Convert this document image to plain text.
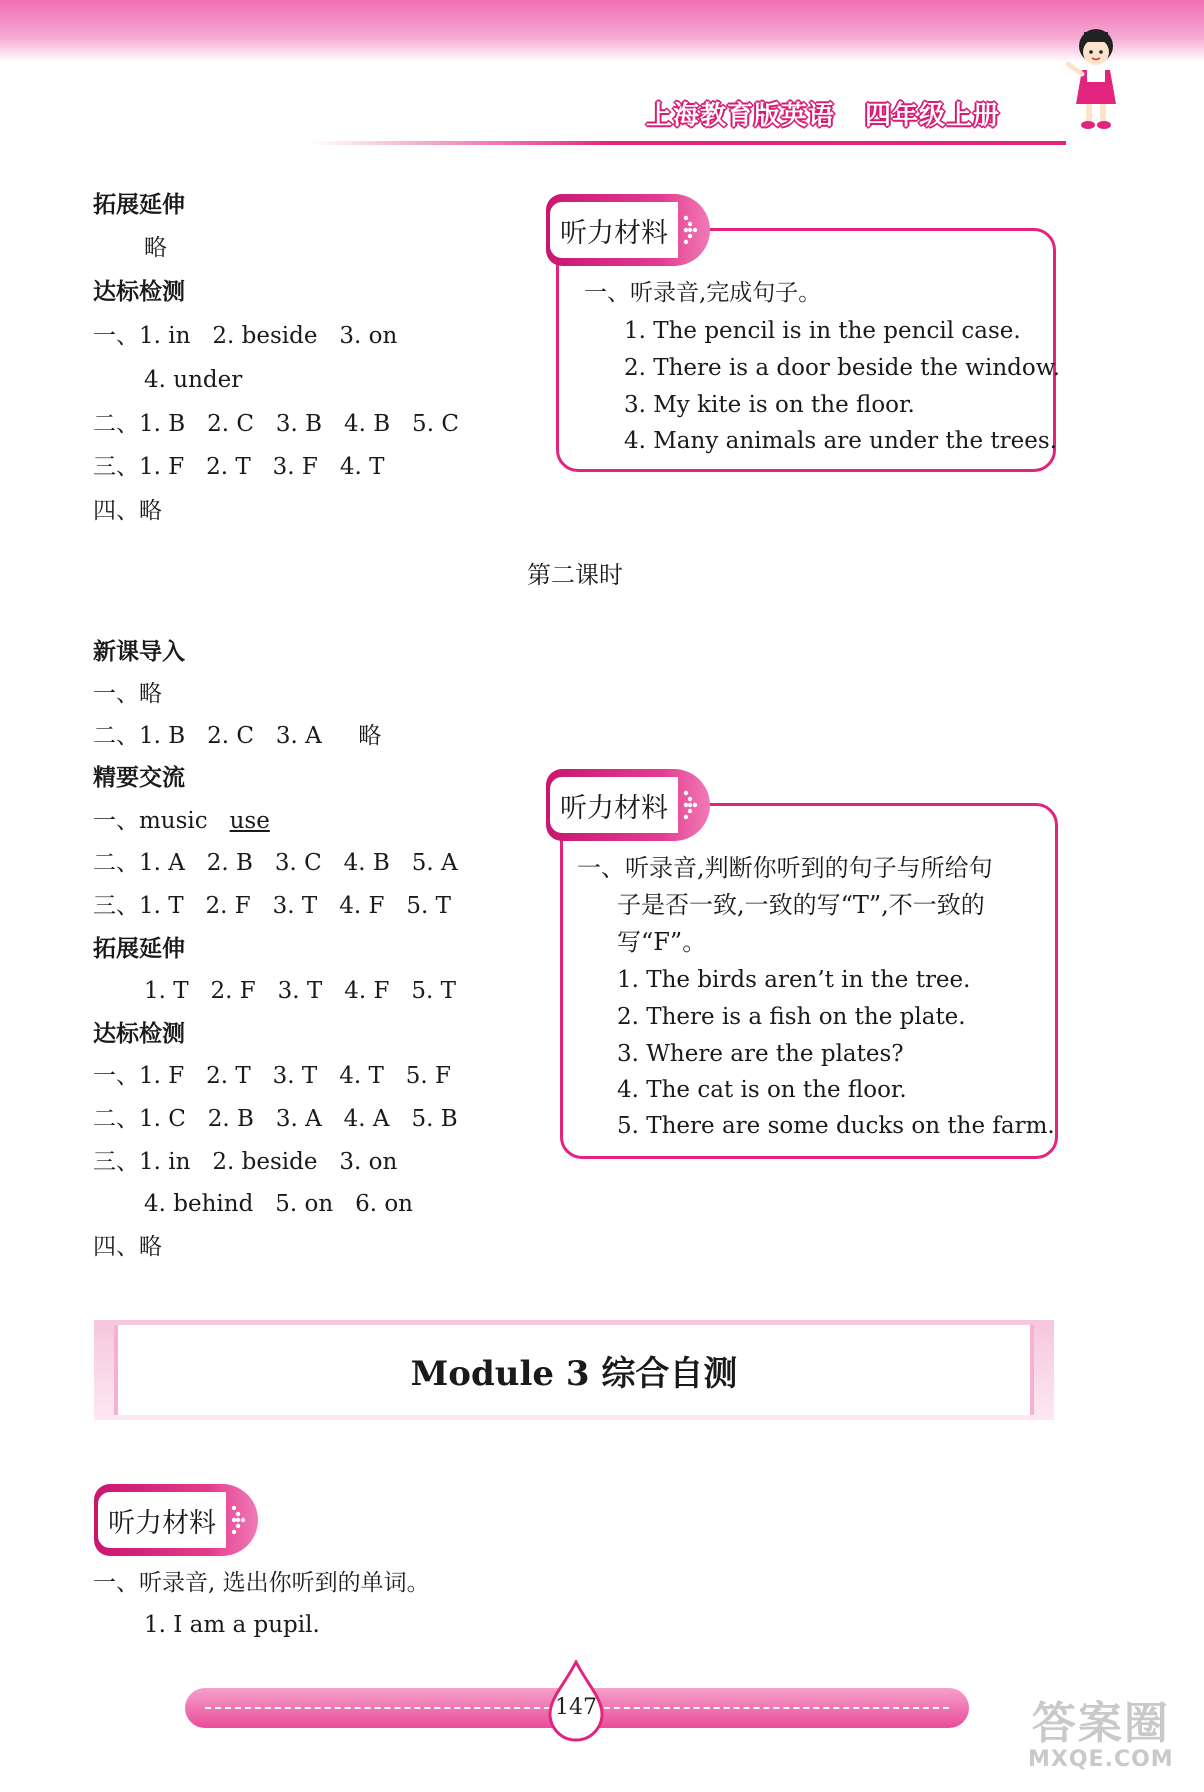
上海教育版英语 四年级上册
拓展延伸
略
达标检测
一、1. in   2. beside   3. on
4. under
二、1. B   2. C   3. B   4. B   5. C
三、1. F   2. T   3. F   4. T
四、略
听力材料
一、听录音,完成句子。
1. The pencil is in the pencil case.
2. There is a door beside the window.
3. My kite is on the floor.
4. Many animals are under the trees.
第二课时
新课导入
一、略
二、1. B   2. C   3. A     略
精要交流
一、music use
二、1. A   2. B   3. C   4. B   5. A
三、1. T   2. F   3. T   4. F   5. T
拓展延伸
1. T   2. F   3. T   4. F   5. T
达标检测
一、1. F   2. T   3. T   4. T   5. F
二、1. C   2. B   3. A   4. A   5. B
三、1. in   2. beside   3. on
4. behind   5. on   6. on
四、略
听力材料
一、听录音,判断你听到的句子与所给句
子是否一致,一致的写“T”,不一致的
写“F”。
1. The birds aren’t in the tree.
2. There is a fish on the plate.
3. Where are the plates?
4. The cat is on the floor.
5. There are some ducks on the farm.
Module 3 综合自测
听力材料
一、听录音, 选出你听到的单词。
1. I am a pupil.
147	答案圈
MXQE.COM
